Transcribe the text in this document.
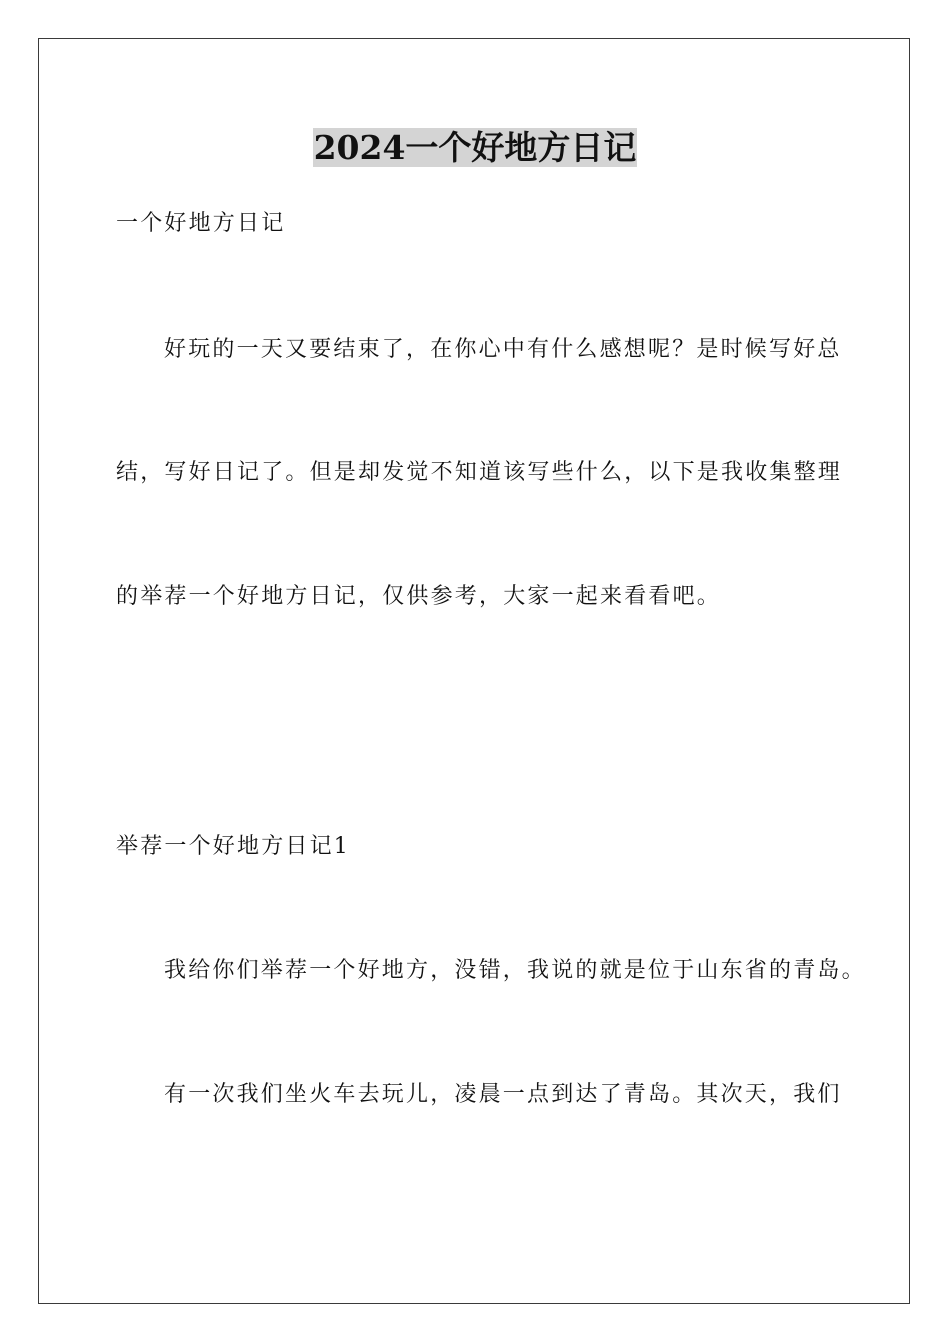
2024一个好地方日记

一个好地方日记

好玩的一天又要结束了，在你心中有什么感想呢？是时候写好总

结，写好日记了。但是却发觉不知道该写些什么，以下是我收集整理

的举荐一个好地方日记，仅供参考，大家一起来看看吧。

举荐一个好地方日记1

我给你们举荐一个好地方，没错，我说的就是位于山东省的青岛。

有一次我们坐火车去玩儿，凌晨一点到达了青岛。其次天，我们
